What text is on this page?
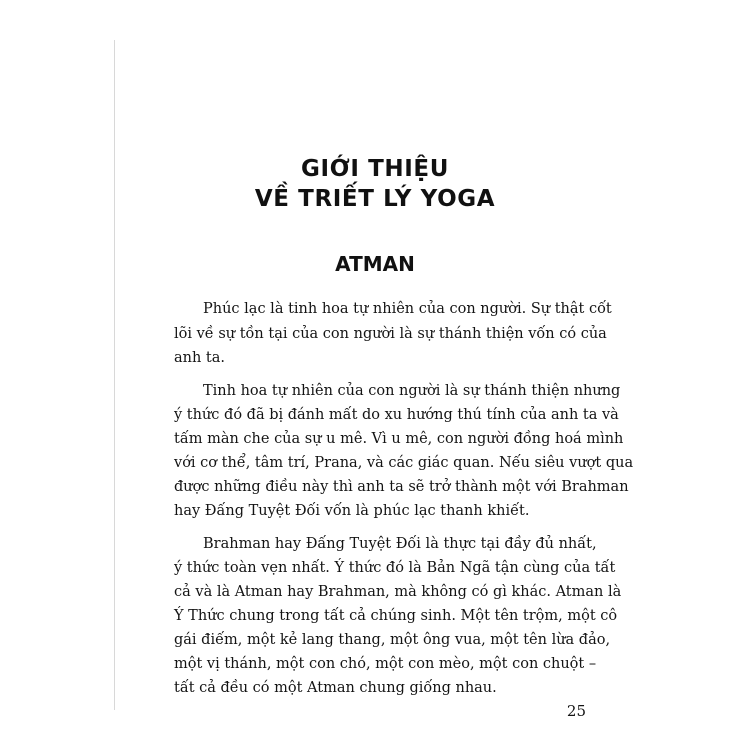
GIỚI THIỆU
VỀ TRIẾT LÝ YOGA
ATMAN
Phúc lạc là tinh hoa tự nhiên của con người. Sự thật cốt
lõi về sự tồn tại của con người là sự thánh thiện vốn có của
anh ta.
Tinh hoa tự nhiên của con người là sự thánh thiện nhưng
ý thức đó đã bị đánh mất do xu hướng thú tính của anh ta và
tấm màn che của sự u mê. Vì u mê, con người đồng hoá mình
với cơ thể, tâm trí, Prana, và các giác quan. Nếu siêu vượt qua
được những điều này thì anh ta sẽ trở thành một với Brahman
hay Đấng Tuyệt Đối vốn là phúc lạc thanh khiết.
Brahman hay Đấng Tuyệt Đối là thực tại đầy đủ nhất,
ý thức toàn vẹn nhất. Ý thức đó là Bản Ngã tận cùng của tất
cả và là Atman hay Brahman, mà không có gì khác. Atman là
Ý Thức chung trong tất cả chúng sinh. Một tên trộm, một cô
gái điếm, một kẻ lang thang, một ông vua, một tên lừa đảo,
một vị thánh, một con chó, một con mèo, một con chuột –
tất cả đều có một Atman chung giống nhau.
25
